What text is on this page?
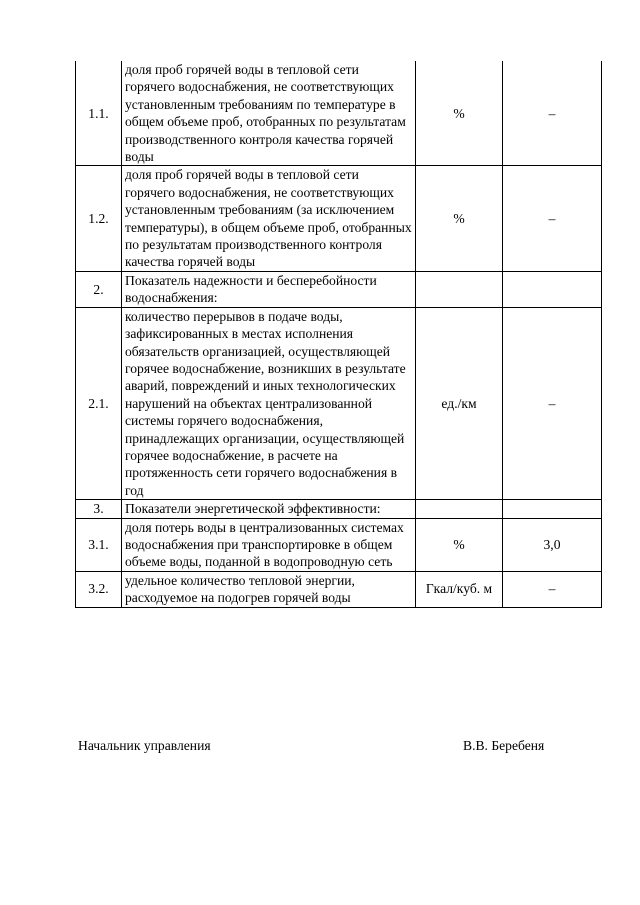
1.1.	доля проб горячей воды в тепловой сети горячего водоснабжения, не соответствующих установленным требованиям по температуре в общем объеме проб, отобранных по результатам производственного контроля качества горячей воды	%	–
1.2.	доля проб горячей воды в тепловой сети горячего водоснабжения, не соответствующих установленным требованиям (за исключением температуры), в общем объеме проб, отобранных по результатам производственного контроля качества горячей воды	%	–
2.	Показатель надежности и бесперебойности водоснабжения:		

2.1.	количество перерывов в подаче воды, зафиксированных в местах исполнения обязательств организацией, осуществляющей горячее водоснабжение, возникших в результате аварий, повреждений и иных технологических нарушений на объектах централизованной системы горячего водоснабжения, принадлежащих организации, осуществляющей горячее водоснабжение, в расчете на протяженность сети горячего водоснабжения в год	ед./км	–
3.	Показатели энергетической эффективности:		

3.1.	доля потерь воды в централизованных системах водоснабжения при транспортировке в общем объеме воды, поданной в водопроводную сеть	%	3,0
3.2.	удельное количество тепловой энергии, расходуемое на подогрев горячей воды	Гкал/куб. м	–
Начальник управления	В.В. Беребеня
